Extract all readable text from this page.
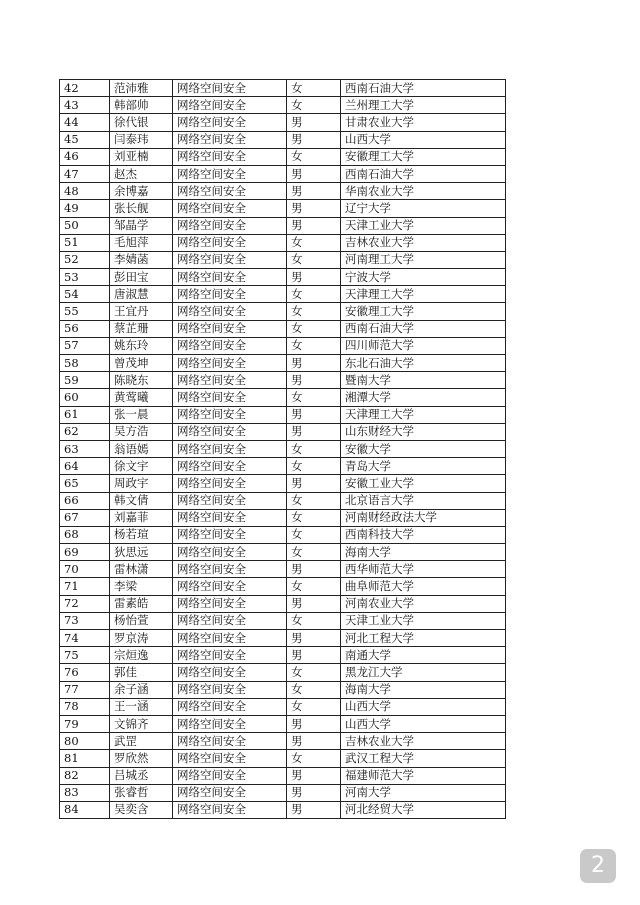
42	范沛雅	网络空间安全	女	西南石油大学
43	韩部帅	网络空间安全	女	兰州理工大学
44	徐代银	网络空间安全	男	甘肃农业大学
45	闫泰玮	网络空间安全	男	山西大学
46	刘亚楠	网络空间安全	女	安徽理工大学
47	赵杰	网络空间安全	男	西南石油大学
48	余博嘉	网络空间安全	男	华南农业大学
49	张长舰	网络空间安全	男	辽宁大学
50	邹晶学	网络空间安全	男	天津工业大学
51	毛旭萍	网络空间安全	女	吉林农业大学
52	李婧菡	网络空间安全	女	河南理工大学
53	彭田宝	网络空间安全	男	宁波大学
54	唐淑慧	网络空间安全	女	天津理工大学
55	王宜丹	网络空间安全	女	安徽理工大学
56	蔡芷珊	网络空间安全	女	西南石油大学
57	姚东玲	网络空间安全	女	四川师范大学
58	曾茂坤	网络空间安全	男	东北石油大学
59	陈晓东	网络空间安全	男	暨南大学
60	黄莺曦	网络空间安全	女	湘潭大学
61	张一晨	网络空间安全	男	天津理工大学
62	吴方浩	网络空间安全	男	山东财经大学
63	翁语嫣	网络空间安全	女	安徽大学
64	徐文宇	网络空间安全	女	青岛大学
65	周政宇	网络空间安全	男	安徽工业大学
66	韩文倩	网络空间安全	女	北京语言大学
67	刘嘉菲	网络空间安全	女	河南财经政法大学
68	杨若瑄	网络空间安全	女	西南科技大学
69	狄思远	网络空间安全	女	海南大学
70	雷林潇	网络空间安全	男	西华师范大学
71	李梁	网络空间安全	女	曲阜师范大学
72	雷素皓	网络空间安全	男	河南农业大学
73	杨怡萱	网络空间安全	女	天津工业大学
74	罗京涛	网络空间安全	男	河北工程大学
75	宗烜逸	网络空间安全	男	南通大学
76	郭佳	网络空间安全	女	黑龙江大学
77	余子涵	网络空间安全	女	海南大学
78	王一涵	网络空间安全	女	山西大学
79	文锦齐	网络空间安全	男	山西大学
80	武罡	网络空间安全	男	吉林农业大学
81	罗欣然	网络空间安全	女	武汉工程大学
82	吕城丞	网络空间安全	男	福建师范大学
83	张睿哲	网络空间安全	男	河南大学
84	吴奕含	网络空间安全	男	河北经贸大学
2
